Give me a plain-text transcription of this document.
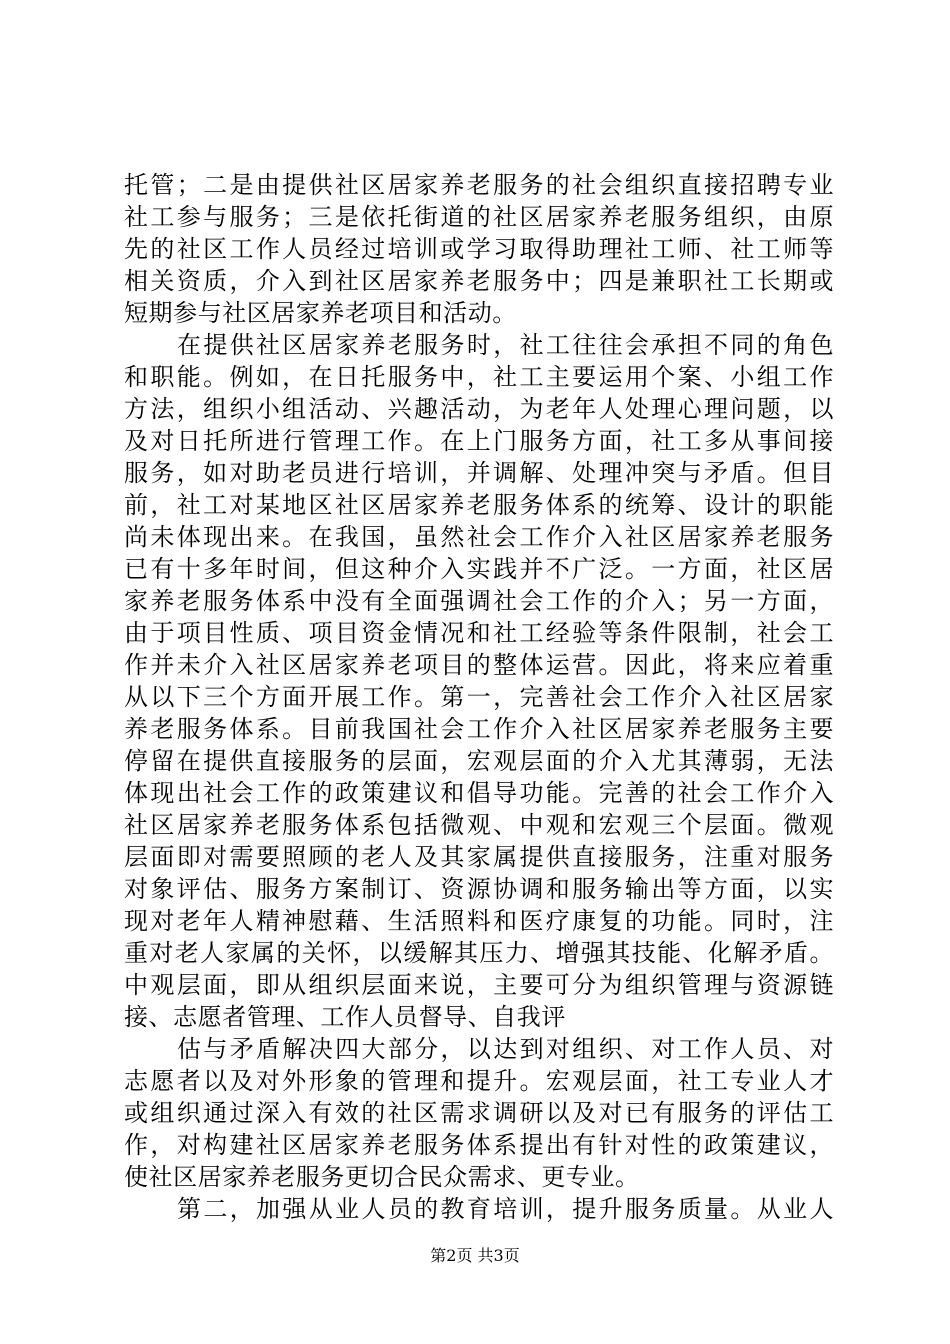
托管；二是由提供社区居家养老服务的社会组织直接招聘专业
社工参与服务；三是依托街道的社区居家养老服务组织，由原
先的社区工作人员经过培训或学习取得助理社工师、社工师等
相关资质，介入到社区居家养老服务中；四是兼职社工长期或
短期参与社区居家养老项目和活动。
在提供社区居家养老服务时，社工往往会承担不同的角色
和职能。例如，在日托服务中，社工主要运用个案、小组工作
方法，组织小组活动、兴趣活动，为老年人处理心理问题，以
及对日托所进行管理工作。在上门服务方面，社工多从事间接
服务，如对助老员进行培训，并调解、处理冲突与矛盾。但目
前，社工对某地区社区居家养老服务体系的统筹、设计的职能
尚未体现出来。在我国，虽然社会工作介入社区居家养老服务
已有十多年时间，但这种介入实践并不广泛。一方面，社区居
家养老服务体系中没有全面强调社会工作的介入；另一方面，
由于项目性质、项目资金情况和社工经验等条件限制，社会工
作并未介入社区居家养老项目的整体运营。因此，将来应着重
从以下三个方面开展工作。第一，完善社会工作介入社区居家
养老服务体系。目前我国社会工作介入社区居家养老服务主要
停留在提供直接服务的层面，宏观层面的介入尤其薄弱，无法
体现出社会工作的政策建议和倡导功能。完善的社会工作介入
社区居家养老服务体系包括微观、中观和宏观三个层面。微观
层面即对需要照顾的老人及其家属提供直接服务，注重对服务
对象评估、服务方案制订、资源协调和服务输出等方面，以实
现对老年人精神慰藉、生活照料和医疗康复的功能。同时，注
重对老人家属的关怀，以缓解其压力、增强其技能、化解矛盾。
中观层面，即从组织层面来说，主要可分为组织管理与资源链
接、志愿者管理、工作人员督导、自我评
估与矛盾解决四大部分，以达到对组织、对工作人员、对
志愿者以及对外形象的管理和提升。宏观层面，社工专业人才
或组织通过深入有效的社区需求调研以及对已有服务的评估工
作，对构建社区居家养老服务体系提出有针对性的政策建议，
使社区居家养老服务更切合民众需求、更专业。
第二，加强从业人员的教育培训，提升服务质量。从业人
第2页 共3页
